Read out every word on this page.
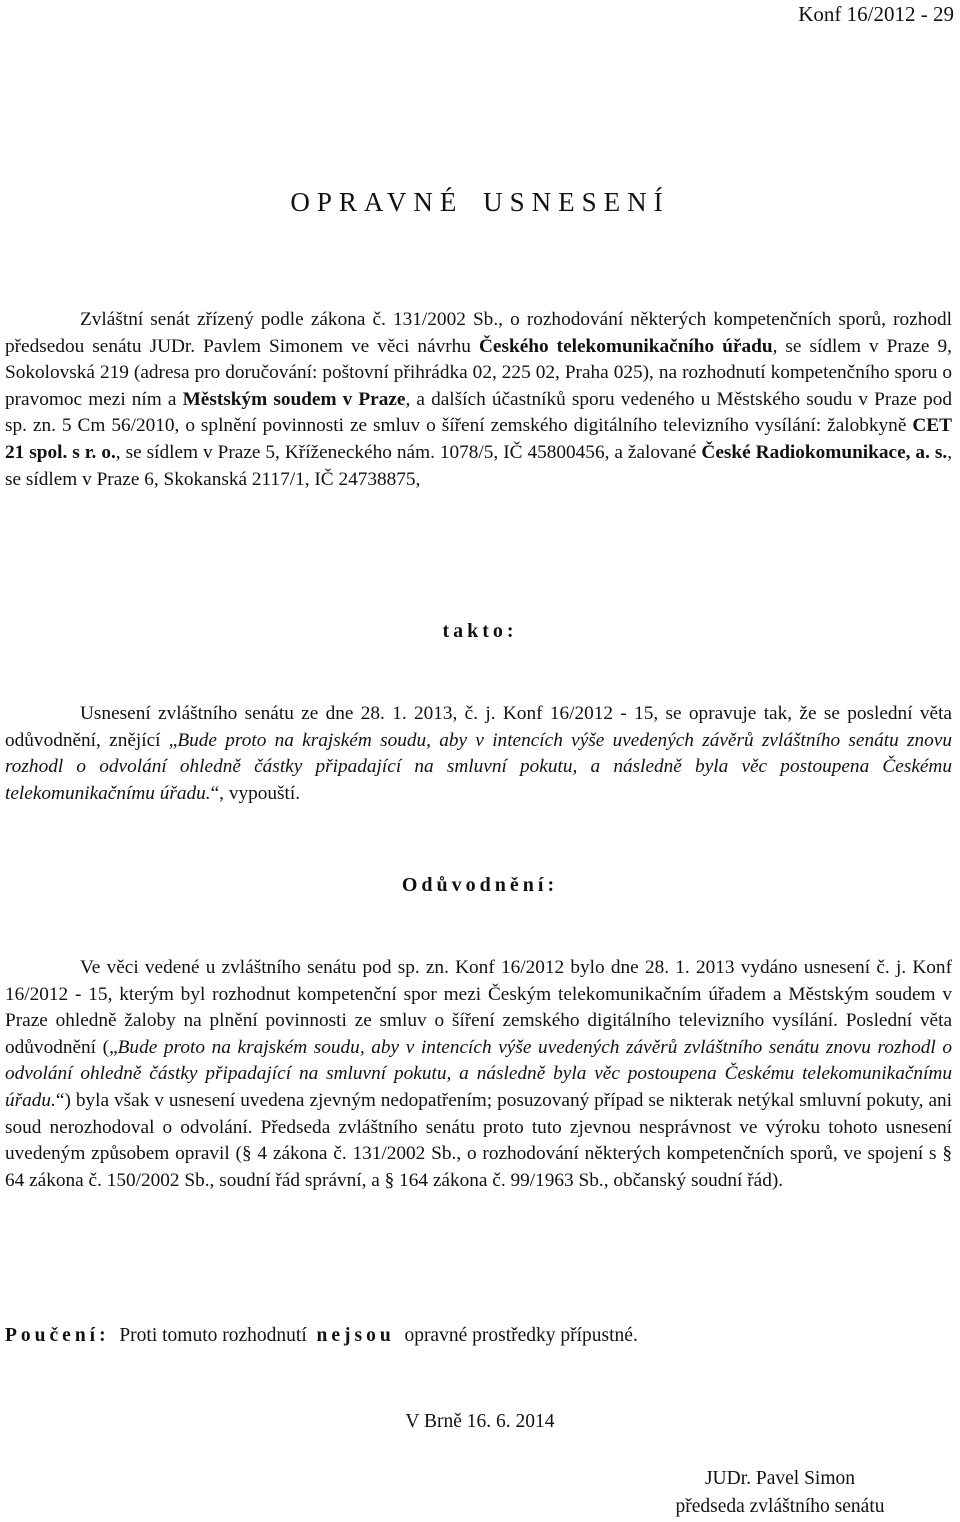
Konf 16/2012 - 29
OPRAVNÉ USNESENÍ
Zvláštní senát zřízený podle zákona č. 131/2002 Sb., o rozhodování některých kompetenčních sporů, rozhodl předsedou senátu JUDr. Pavlem Simonem ve věci návrhu Českého telekomunikačního úřadu, se sídlem v Praze 9, Sokolovská 219 (adresa pro doručování: poštovní přihrádka 02, 225 02, Praha 025), na rozhodnutí kompetenčního sporu o pravomoc mezi ním a Městským soudem v Praze, a dalších účastníků sporu vedeného u Městského soudu v Praze pod sp. zn. 5 Cm 56/2010, o splnění povinnosti ze smluv o šíření zemského digitálního televizního vysílání: žalobkyně CET 21 spol. s r. o., se sídlem v Praze 5, Kříženeckého nám. 1078/5, IČ 45800456, a žalované České Radiokomunikace, a. s., se sídlem v Praze 6, Skokanská 2117/1, IČ 24738875,
takto:
Usnesení zvláštního senátu ze dne 28. 1. 2013, č. j. Konf 16/2012 - 15, se opravuje tak, že se poslední věta odůvodnění, znějící „Bude proto na krajském soudu, aby v intencích výše uvedených závěrů zvláštního senátu znovu rozhodl o odvolání ohledně částky připadající na smluvní pokutu, a následně byla věc postoupena Českému telekomunikačnímu úřadu.“, vypouští.
Odůvodnění:
Ve věci vedené u zvláštního senátu pod sp. zn. Konf 16/2012 bylo dne 28. 1. 2013 vydáno usnesení č. j. Konf 16/2012 - 15, kterým byl rozhodnut kompetenční spor mezi Českým telekomunikačním úřadem a Městským soudem v Praze ohledně žaloby na plnění povinnosti ze smluv o šíření zemského digitálního televizního vysílání. Poslední věta odůvodnění („Bude proto na krajském soudu, aby v intencích výše uvedených závěrů zvláštního senátu znovu rozhodl o odvolání ohledně částky připadající na smluvní pokutu, a následně byla věc postoupena Českému telekomunikačnímu úřadu.“) byla však v usnesení uvedena zjevným nedopatřením; posuzovaný případ se nikterak netýkal smluvní pokuty, ani soud nerozhodoval o odvolání. Předseda zvláštního senátu proto tuto zjevnou nesprávnost ve výroku tohoto usnesení uvedeným způsobem opravil (§ 4 zákona č. 131/2002 Sb., o rozhodování některých kompetenčních sporů, ve spojení s § 64 zákona č. 150/2002 Sb., soudní řád správní, a § 164 zákona č. 99/1963 Sb., občanský soudní řád).
Poučení: Proti tomuto rozhodnutí nejsou opravné prostředky přípustné.
V Brně 16. 6. 2014
JUDr. Pavel Simon
předseda zvláštního senátu
